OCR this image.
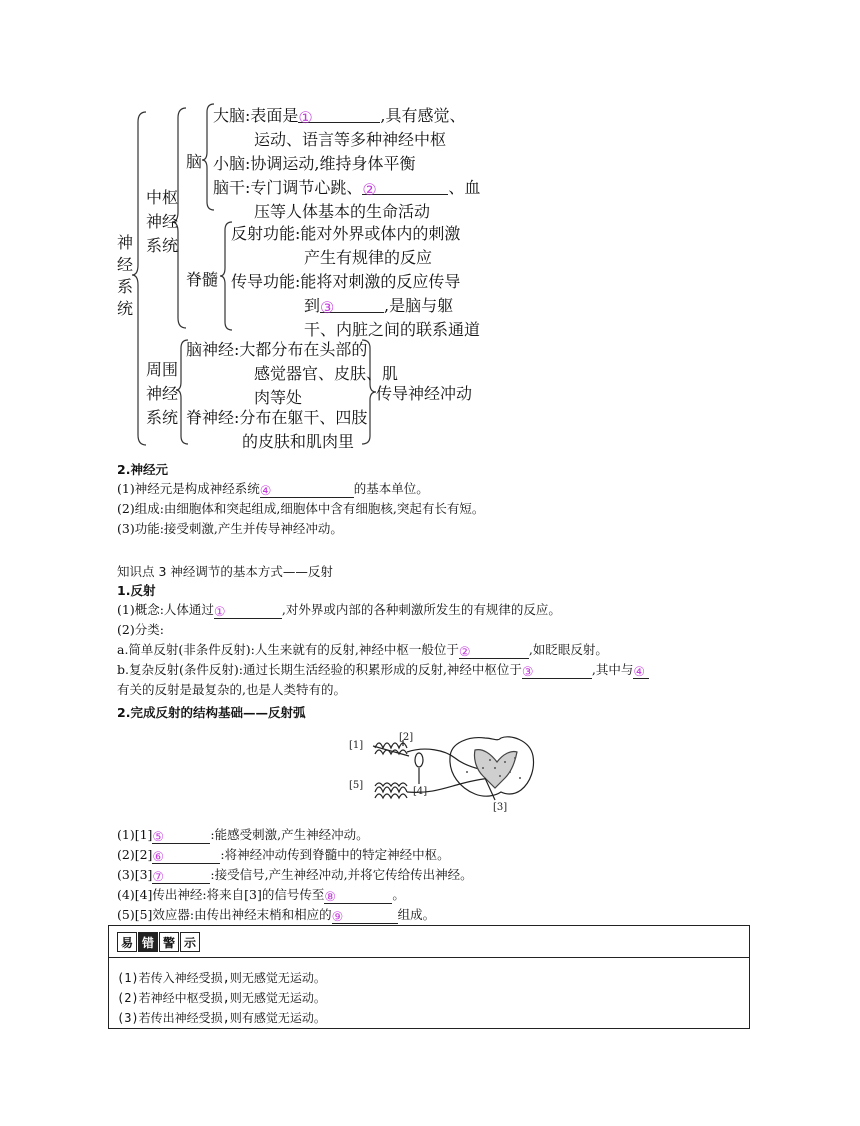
神经系统
中枢神经系统
脑
大脑:表面是①	,具有感觉、
运动、语言等多种神经中枢
小脑:协调运动,维持身体平衡
脑干:专门调节心跳、②	、血
压等人体基本的生命活动
脊髓
反射功能:能对外界或体内的刺激
产生有规律的反应
传导功能:能将对刺激的反应传导
到③	,是脑与躯
干、内脏之间的联系通道
周围神经系统
脑神经:大都分布在头部的
感觉器官、皮肤、肌
肉等处
脊神经:分布在躯干、四肢
的皮肤和肌肉里
传导神经冲动
2.神经元
(1)神经元是构成神经系统④	的基本单位。
(2)组成:由细胞体和突起组成,细胞体中含有细胞核,突起有长有短。
(3)功能:接受刺激,产生并传导神经冲动。
知识点 3 神经调节的基本方式——反射
1.反射
(1)概念:人体通过①	,对外界或内部的各种刺激所发生的有规律的反应。
(2)分类:
a.简单反射(非条件反射):人生来就有的反射,神经中枢一般位于②	,如眨眼反射。
b.复杂反射(条件反射):通过长期生活经验的积累形成的反射,神经中枢位于③	,其中与④
有关的反射是最复杂的,也是人类特有的。
2.完成反射的结构基础——反射弧
[1]
[2]
[4]
[5]
[3]
(1)[1]⑤	:能感受刺激,产生神经冲动。
(2)[2]⑥	:将神经冲动传到脊髓中的特定神经中枢。
(3)[3]⑦	:接受信号,产生神经冲动,并将它传给传出神经。
(4)[4]传出神经:将来自[3]的信号传至⑧	。
(5)[5]效应器:由传出神经末梢和相应的⑨	组成。
易 错 警 示
(1)若传入神经受损,则无感觉无运动。
(2)若神经中枢受损,则无感觉无运动。
(3)若传出神经受损,则有感觉无运动。
